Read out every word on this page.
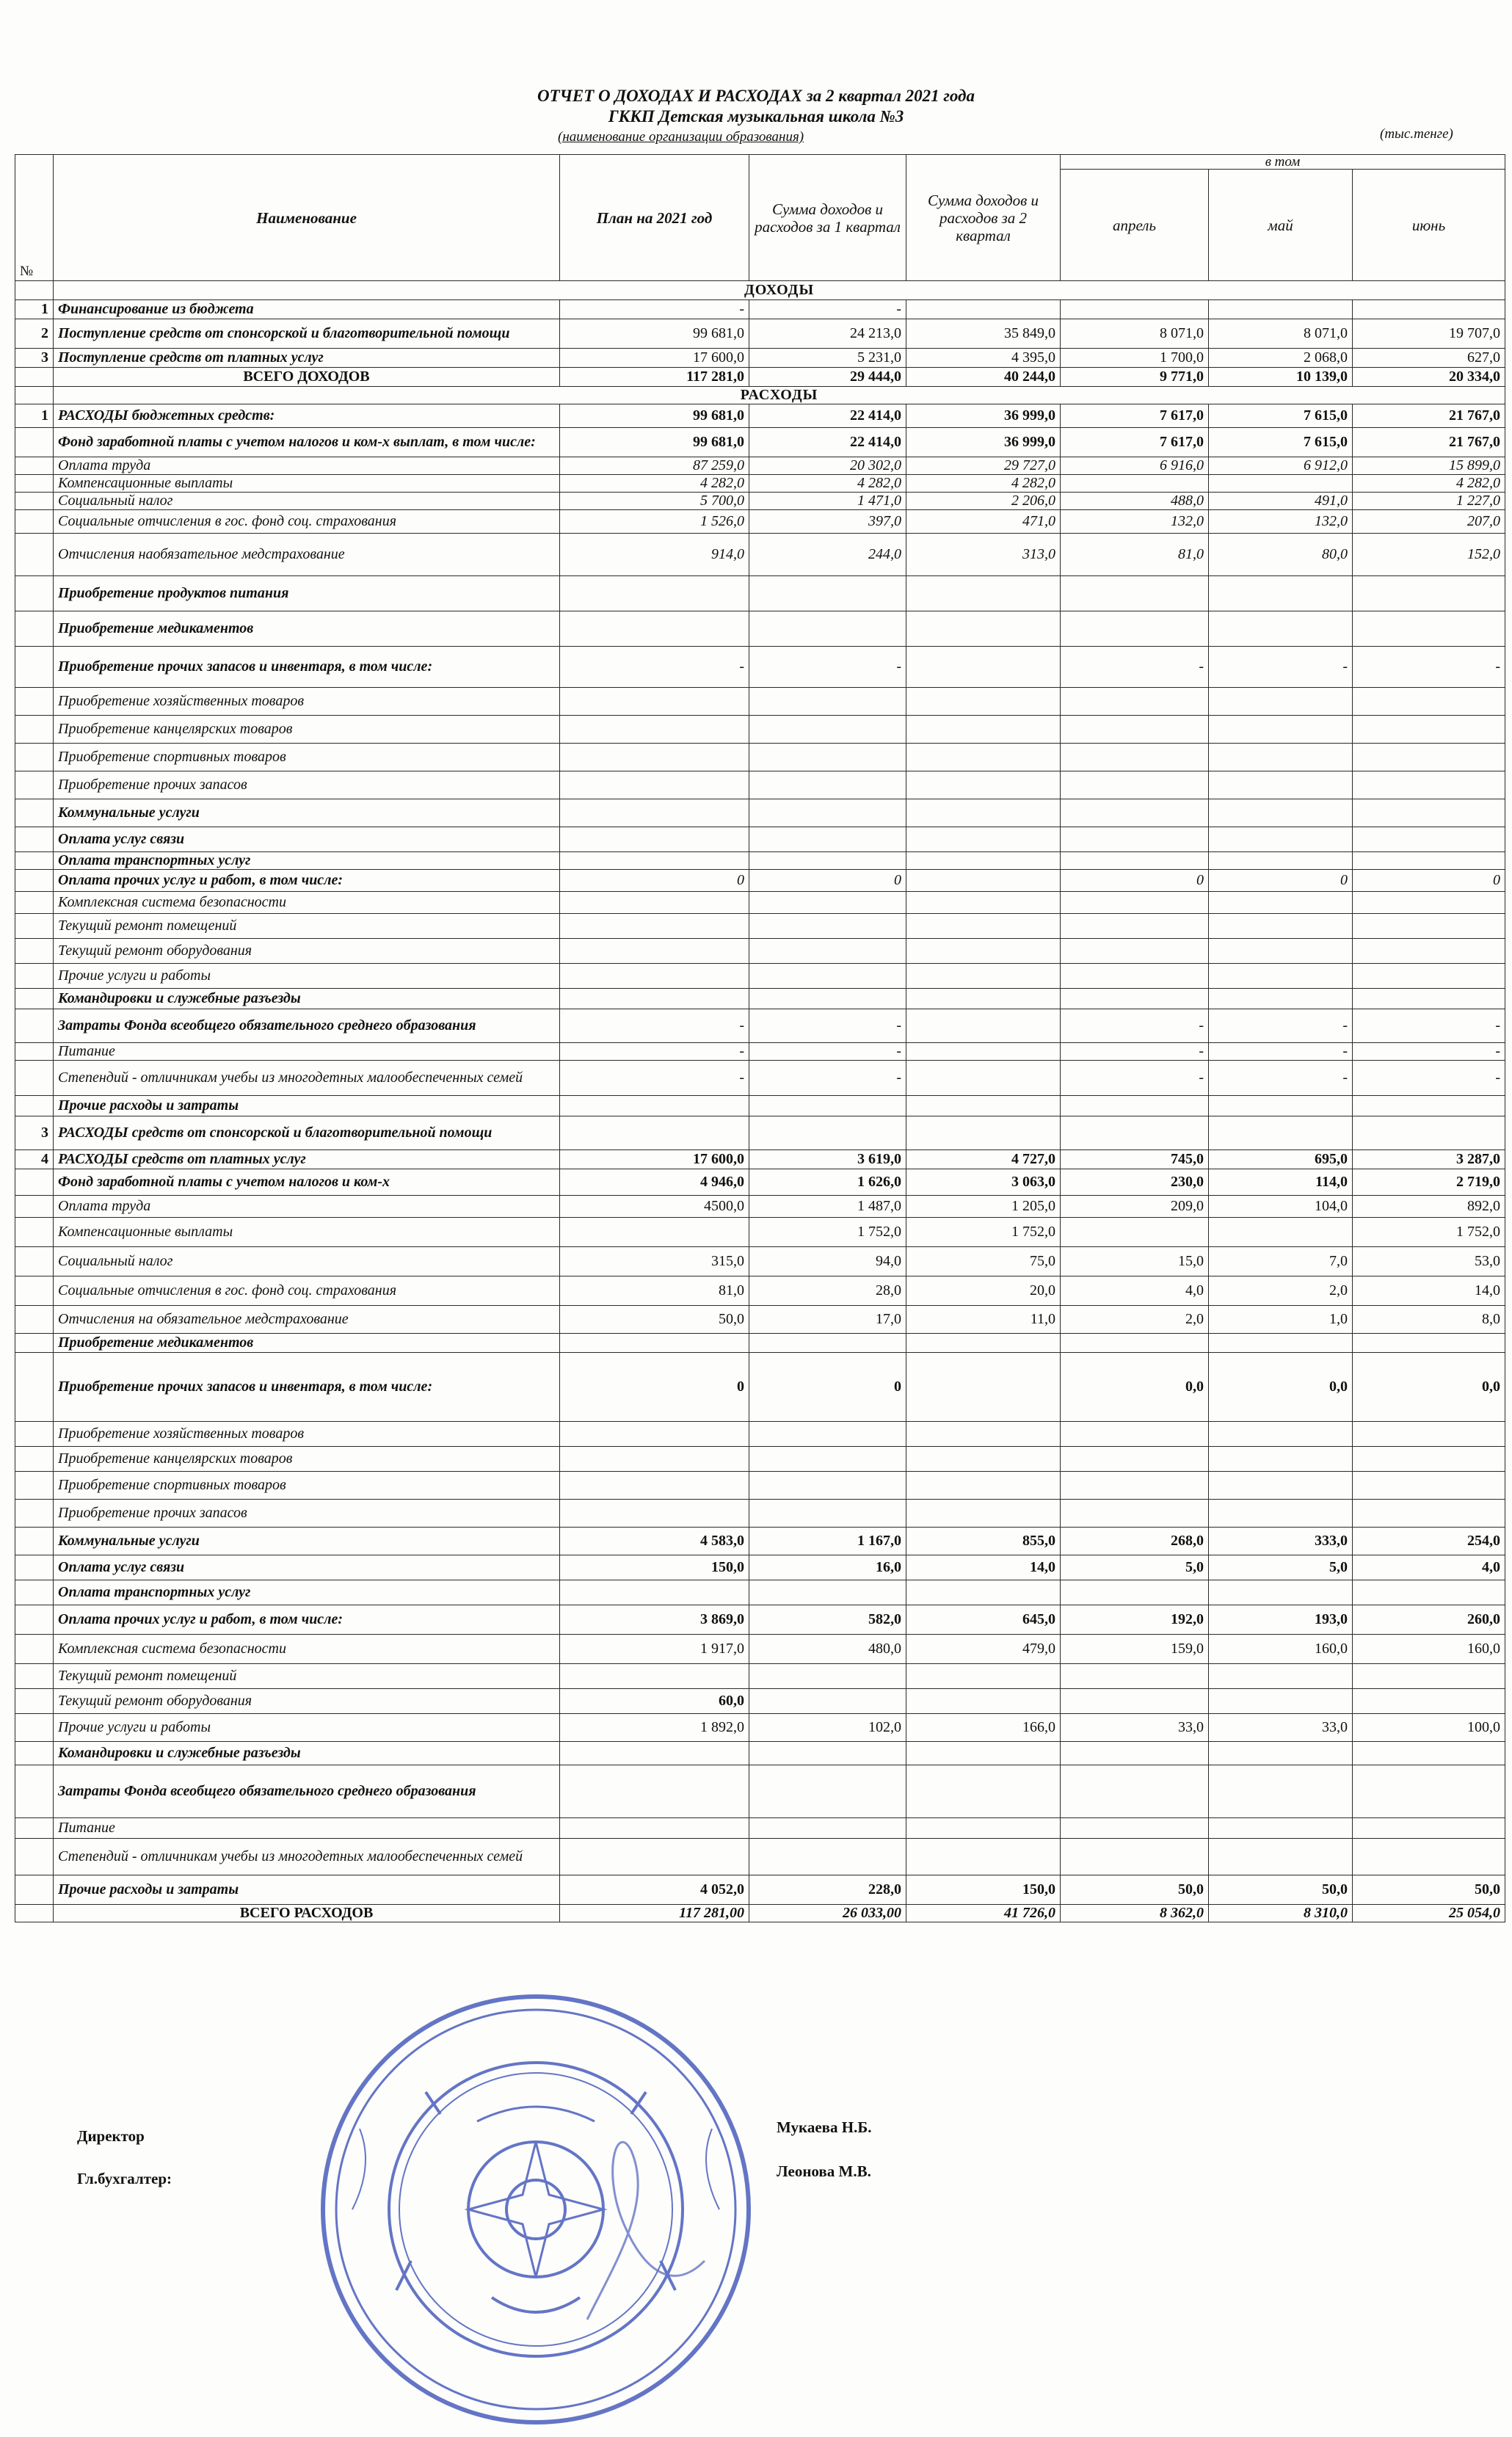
ОТЧЕТ О ДОХОДАХ И РАСХОДАХ за 2 квартал 2021 года
ГККП Детская музыкальная школа №3
(наименование организации образования)	(тыс.тенге)
№	Наименование	План на 2021 год	Сумма доходов и расходов за 1 квартал	Сумма доходов и расходов за 2 квартал	в том		
					апрель	май	июнь
	ДОХОДЫ						
1	Финансирование из бюджета	-	-				
2	Поступление средств от спонсорской и благотворительной помощи	99 681,0	24 213,0	35 849,0	8 071,0	8 071,0	19 707,0
3	Поступление средств от платных услуг	17 600,0	5 231,0	4 395,0	1 700,0	2 068,0	627,0
	ВСЕГО ДОХОДОВ	117 281,0	29 444,0	40 244,0	9 771,0	10 139,0	20 334,0
	РАСХОДЫ						
1	РАСХОДЫ бюджетных средств:	99 681,0	22 414,0	36 999,0	7 617,0	7 615,0	21 767,0
	Фонд заработной платы с учетом налогов и ком-х выплат, в том числе:	99 681,0	22 414,0	36 999,0	7 617,0	7 615,0	21 767,0
	Оплата труда	87 259,0	20 302,0	29 727,0	6 916,0	6 912,0	15 899,0
	Компенсационные выплаты	4 282,0	4 282,0	4 282,0			4 282,0
	Социальный налог	5 700,0	1 471,0	2 206,0	488,0	491,0	1 227,0
	Социальные отчисления в гос. фонд соц. страхования	1 526,0	397,0	471,0	132,0	132,0	207,0
	Отчисления наобязательное медстрахование	914,0	244,0	313,0	81,0	80,0	152,0
	Приобретение продуктов питания						
	Приобретение медикаментов						
	Приобретение прочих запасов и инвентаря, в том числе:	-	-		-	-	-
	Приобретение хозяйственных товаров						
	Приобретение канцелярских товаров						
	Приобретение спортивных товаров						
	Приобретение прочих запасов						
	Коммунальные услуги						
	Оплата услуг связи						
	Оплата транспортных услуг						
	Оплата прочих услуг и работ, в том числе:	0	0		0	0	0
	Комплексная система безопасности						
	Текущий ремонт помещений						
	Текущий ремонт оборудования						
	Прочие услуги и работы						
	Командировки и служебные разъезды						
	Затраты Фонда всеобщего обязательного среднего образования	-	-		-	-	-
	Питание	-	-		-	-	-
	Степендий - отличникам учебы из многодетных малообеспеченных семей	-	-		-	-	-
	Прочие расходы и затраты						
3	РАСХОДЫ средств от спонсорской и благотворительной помощи						
4	РАСХОДЫ средств от платных услуг	17 600,0	3 619,0	4 727,0	745,0	695,0	3 287,0
	Фонд заработной платы с учетом налогов и ком-х	4 946,0	1 626,0	3 063,0	230,0	114,0	2 719,0
	Оплата труда	4500,0	1 487,0	1 205,0	209,0	104,0	892,0
	Компенсационные выплаты		1 752,0	1 752,0			1 752,0
	Социальный налог	315,0	94,0	75,0	15,0	7,0	53,0
	Социальные отчисления в гос. фонд соц. страхования	81,0	28,0	20,0	4,0	2,0	14,0
	Отчисления на обязательное медстрахование	50,0	17,0	11,0	2,0	1,0	8,0
	Приобретение медикаментов						
	Приобретение прочих запасов и инвентаря, в том числе:	0	0		0,0	0,0	0,0
	Приобретение хозяйственных товаров						
	Приобретение канцелярских товаров						
	Приобретение спортивных товаров						
	Приобретение прочих запасов						
	Коммунальные услуги	4 583,0	1 167,0	855,0	268,0	333,0	254,0
	Оплата услуг связи	150,0	16,0	14,0	5,0	5,0	4,0
	Оплата транспортных услуг						
	Оплата прочих услуг и работ, в том числе:	3 869,0	582,0	645,0	192,0	193,0	260,0
	Комплексная система безопасности	1 917,0	480,0	479,0	159,0	160,0	160,0
	Текущий ремонт помещений						
	Текущий ремонт оборудования	60,0					
	Прочие услуги и работы	1 892,0	102,0	166,0	33,0	33,0	100,0
	Командировки и служебные разъезды						
	Затраты Фонда всеобщего обязательного среднего образования						
	Питание						
	Степендий - отличникам учебы из многодетных малообеспеченных семей						
	Прочие расходы и затраты	4 052,0	228,0	150,0	50,0	50,0	50,0
	ВСЕГО РАСХОДОВ	117 281,00	26 033,00	41 726,0	8 362,0	8 310,0	25 054,0
Директор	Мукаева Н.Б.
Гл.бухгалтер:	Леонова М.В.
